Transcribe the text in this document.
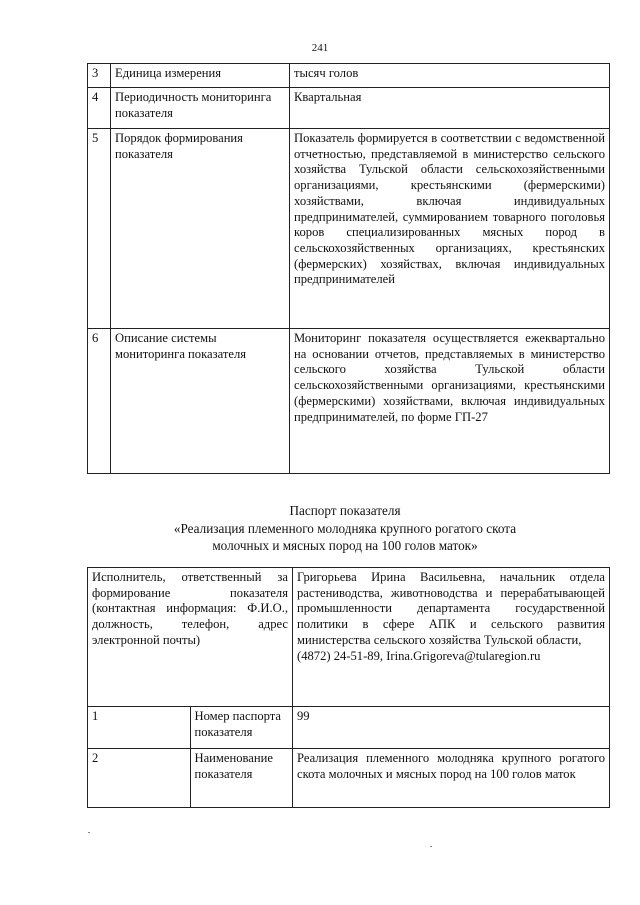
241
3	Единица измерения	тысяч голов
4	Периодичность мониторинга показателя	Квартальная
5	Порядок формирования показателя	Показатель формируется в соответствии с ведомственной отчетностью, представляемой в министерство сельского хозяйства Тульской области сельскохозяйственными организациями, крестьянскими (фермерскими) хозяйствами, включая индивидуальных предпринимателей, суммированием товарного поголовья коров специализированных мясных пород в сельскохозяйственных организациях, крестьянских (фермерских) хозяйствах, включая индивидуальных предпринимателей
6	Описание системы мониторинга показателя	Мониторинг показателя осуществляется ежеквартально на основании отчетов, представляемых в министерство сельского хозяйства Тульской области сельскохозяйственными организациями, крестьянскими (фермерскими) хозяйствами, включая индивидуальных предпринимателей, по форме ГП-27
Паспорт показателя
«Реализация племенного молодняка крупного рогатого скота
молочных и мясных пород на 100 голов маток»
Исполнитель, ответственный за формирование показателя (контактная информация: Ф.И.О., должность, телефон, адрес электронной почты)		Григорьева Ирина Васильевна, начальник отдела растениводства, животноводства и перерабатывающей промышленности департамента государственной политики в сфере АПК и сельского развития министерства сельского хозяйства Тульской области,
(4872) 24-51-89, Irina.Grigoreva@tularegion.ru

1	Номер паспорта показателя	99
2	Наименование показателя	Реализация племенного молодняка крупного рогатого скота молочных и мясных пород на 100 голов маток
